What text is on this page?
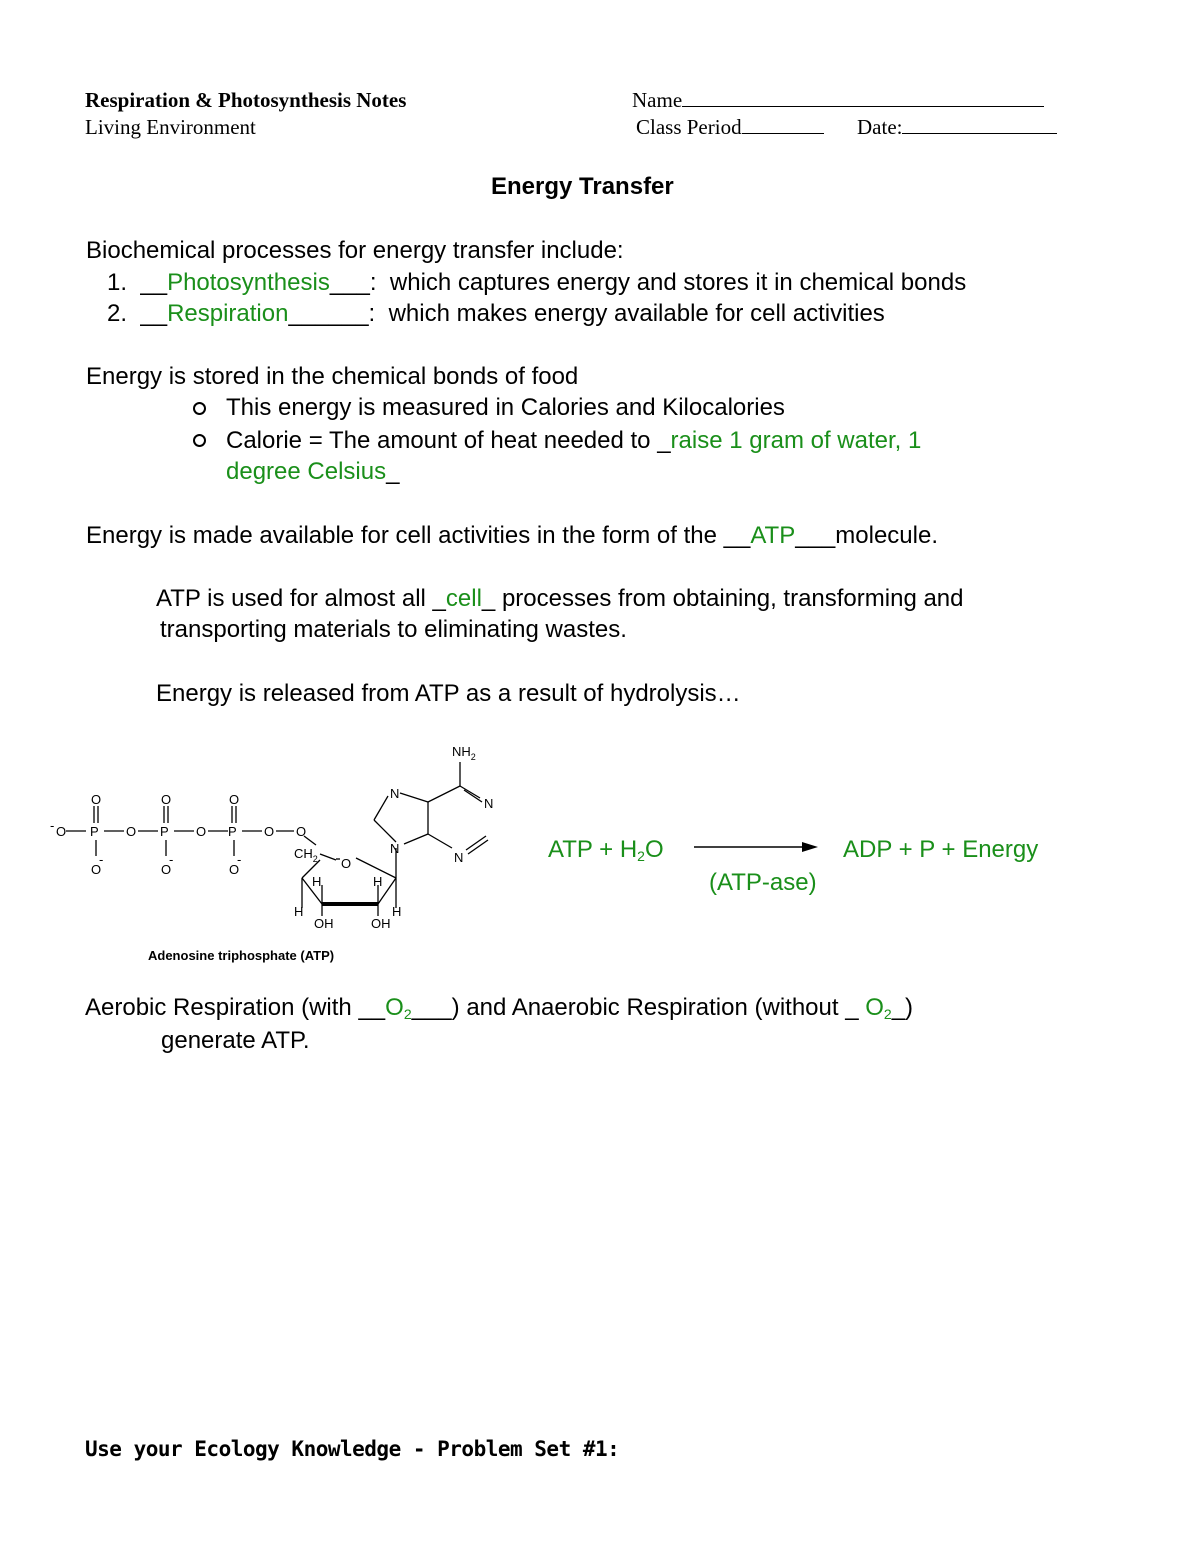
Respiration & Photosynthesis Notes
Living Environment
Name
Class Period	Date:
Energy Transfer
Biochemical processes for energy transfer include:
1. __Photosynthesis___: which captures energy and stores it in chemical bonds
2. __Respiration______: which makes energy available for cell activities
Energy is stored in the chemical bonds of food
This energy is measured in Calories and Kilocalories
Calorie = The amount of heat needed to _raise 1 gram of water, 1
degree Celsius_
Energy is made available for cell activities in the form of the __ATP___molecule.
ATP is used for almost all _cell_ processes from obtaining, transforming and
transporting materials to eliminating wastes.
Energy is released from ATP as a result of hydrolysis…
O	O	O
- O P O P O P O O
O
-
O
-
O
-	$CH_2$ O
H	H
H	H
OH	OH
N
N
N
N
$NH_2$
Adenosine triphosphate (ATP)
ATP + $H_2O$	ADP + P + Energy
(ATP-ase)
Aerobic Respiration (with $\_\_O_2\_\_\_$) and Anaerobic Respiration (without _ $O_2\_$)
generate ATP.
Use your Ecology Knowledge - Problem Set #1:
